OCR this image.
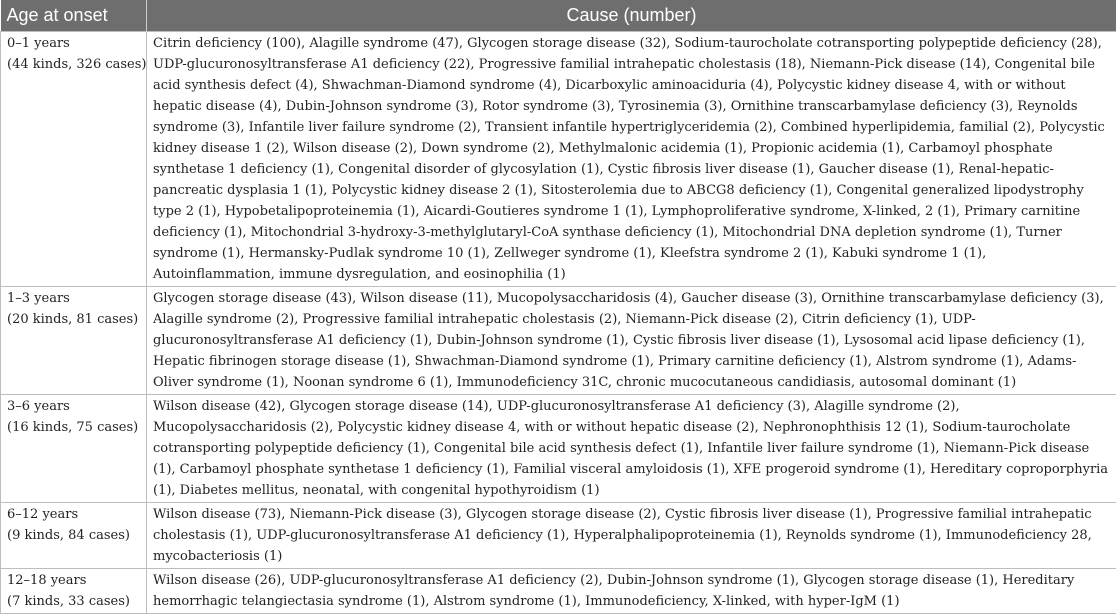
Age at onset	Cause (number)

0–1 years
(44 kinds, 326 cases)	Citrin deficiency (100), Alagille syndrome (47), Glycogen storage disease (32), Sodium-taurocholate cotransporting polypeptide deficiency (28), UDP-glucuronosyltransferase A1 deficiency (22), Progressive familial intrahepatic cholestasis (18), Niemann-Pick disease (14), Congenital bile acid synthesis defect (4), Shwachman-Diamond syndrome (4), Dicarboxylic aminoaciduria (4), Polycystic kidney disease 4, with or without hepatic disease (4), Dubin-Johnson syndrome (3), Rotor syndrome (3), Tyrosinemia (3), Ornithine transcarbamylase deficiency (3), Reynolds syndrome (3), Infantile liver failure syndrome (2), Transient infantile hypertriglyceridemia (2), Combined hyperlipidemia, familial (2), Polycystic kidney disease 1 (2), Wilson disease (2), Down syndrome (2), Methylmalonic acidemia (1), Propionic acidemia (1), Carbamoyl phosphate synthetase 1 deficiency (1), Congenital disorder of glycosylation (1), Cystic fibrosis liver disease (1), Gaucher disease (1), Renal-hepatic-pancreatic dysplasia 1 (1), Polycystic kidney disease 2 (1), Sitosterolemia due to ABCG8 deficiency (1), Congenital generalized lipodystrophy type 2 (1), Hypobetalipoproteinemia (1), Aicardi-Goutieres syndrome 1 (1), Lymphoproliferative syndrome, X-linked, 2 (1), Primary carnitine deficiency (1), Mitochondrial 3-hydroxy-3-methylglutaryl-CoA synthase deficiency (1), Mitochondrial DNA depletion syndrome (1), Turner syndrome (1), Hermansky-Pudlak syndrome 10 (1), Zellweger syndrome (1), Kleefstra syndrome 2 (1), Kabuki syndrome 1 (1), Autoinflammation, immune dysregulation, and eosinophilia (1)

1–3 years
(20 kinds, 81 cases)	Glycogen storage disease (43), Wilson disease (11), Mucopolysaccharidosis (4), Gaucher disease (3), Ornithine transcarbamylase deficiency (3), Alagille syndrome (2), Progressive familial intrahepatic cholestasis (2), Niemann-Pick disease (2), Citrin deficiency (1), UDP-glucuronosyltransferase A1 deficiency (1), Dubin-Johnson syndrome (1), Cystic fibrosis liver disease (1), Lysosomal acid lipase deficiency (1), Hepatic fibrinogen storage disease (1), Shwachman-Diamond syndrome (1), Primary carnitine deficiency (1), Alstrom syndrome (1), Adams-Oliver syndrome (1), Noonan syndrome 6 (1), Immunodeficiency 31C, chronic mucocutaneous candidiasis, autosomal dominant (1)

3–6 years
(16 kinds, 75 cases)	Wilson disease (42), Glycogen storage disease (14), UDP-glucuronosyltransferase A1 deficiency (3), Alagille syndrome (2), Mucopolysaccharidosis (2), Polycystic kidney disease 4, with or without hepatic disease (2), Nephronophthisis 12 (1), Sodium-taurocholate cotransporting polypeptide deficiency (1), Congenital bile acid synthesis defect (1), Infantile liver failure syndrome (1), Niemann-Pick disease (1), Carbamoyl phosphate synthetase 1 deficiency (1), Familial visceral amyloidosis (1), XFE progeroid syndrome (1), Hereditary coproporphyria (1), Diabetes mellitus, neonatal, with congenital hypothyroidism (1)

6–12 years
(9 kinds, 84 cases)	Wilson disease (73), Niemann-Pick disease (3), Glycogen storage disease (2), Cystic fibrosis liver disease (1), Progressive familial intrahepatic cholestasis (1), UDP-glucuronosyltransferase A1 deficiency (1), Hyperalphalipoproteinemia (1), Reynolds syndrome (1), Immunodeficiency 28, mycobacteriosis (1)

12–18 years
(7 kinds, 33 cases)	Wilson disease (26), UDP-glucuronosyltransferase A1 deficiency (2), Dubin-Johnson syndrome (1), Glycogen storage disease (1), Hereditary hemorrhagic telangiectasia syndrome (1), Alstrom syndrome (1), Immunodeficiency, X-linked, with hyper-IgM (1)
